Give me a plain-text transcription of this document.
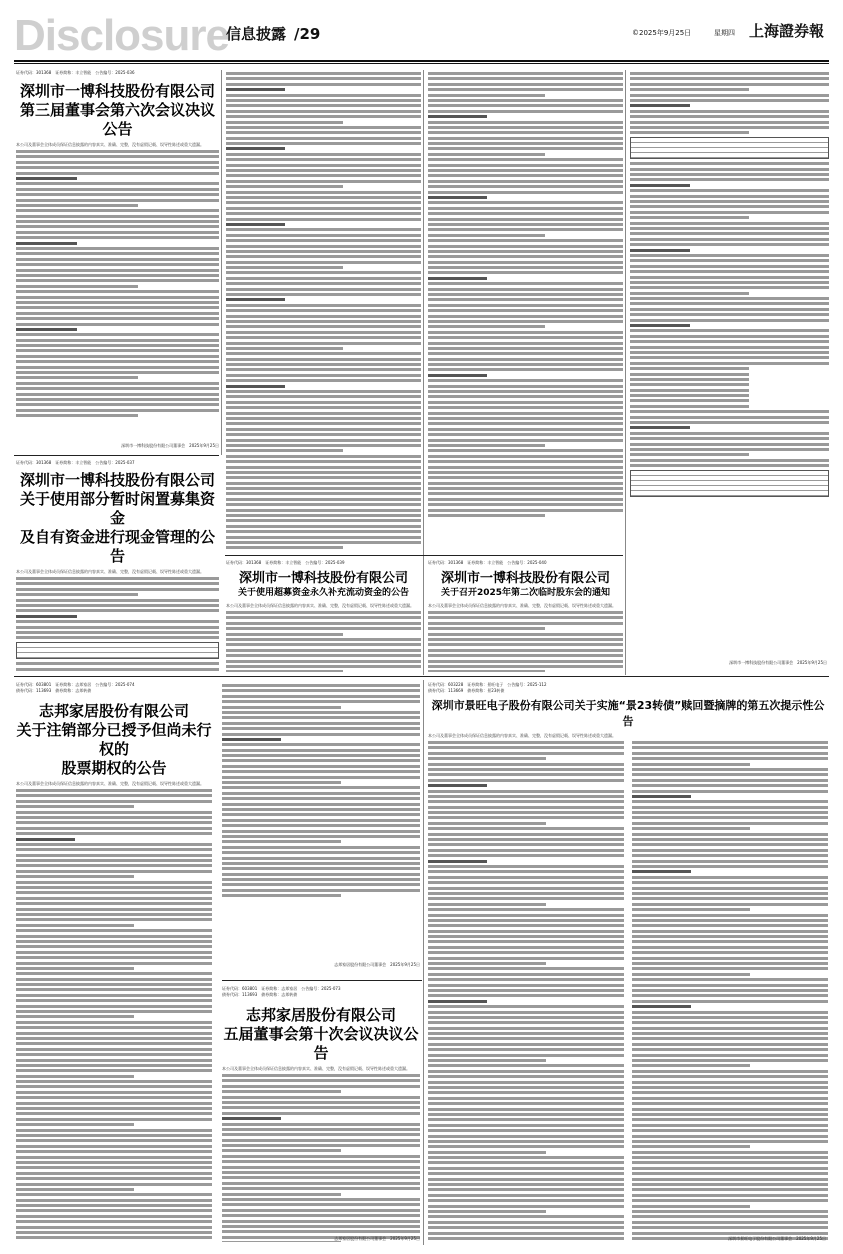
Disclosure
信息披露 /29	©2025年9月25日	星期四 上海證券報
证券代码：301368　证券简称：丰立智能　公告编号：2025-036
深圳市一博科技股份有限公司
第三届董事会第六次会议决议公告
本公司及董事会全体成员保证信息披露的内容真实、准确、完整，没有虚假记载、误导性陈述或重大遗漏。
深圳市一博科技股份有限公司董事会　2025年9月25日
证券代码：301368　证券简称：丰立智能　公告编号：2025-037
深圳市一博科技股份有限公司
关于使用部分暂时闲置募集资金
及自有资金进行现金管理的公告
本公司及董事会全体成员保证信息披露的内容真实、准确、完整，没有虚假记载、误导性陈述或重大遗漏。
证券代码：301368　证券简称：丰立智能　公告编号：2025-039
深圳市一博科技股份有限公司
关于使用超募资金永久补充流动资金的公告
本公司及董事会全体成员保证信息披露的内容真实、准确、完整，没有虚假记载、误导性陈述或重大遗漏。
证券代码：301368　证券简称：丰立智能　公告编号：2025-040
深圳市一博科技股份有限公司
关于召开2025年第二次临时股东会的通知
本公司及董事会全体成员保证信息披露的内容真实、准确、完整，没有虚假记载、误导性陈述或重大遗漏。
深圳市一博科技股份有限公司董事会　2025年9月25日
证券代码：603801　证券简称：志邦家居　公告编号：2025-074
债券代码：113693　债券简称：志邦转债
志邦家居股份有限公司
关于注销部分已授予但尚未行权的
股票期权的公告
本公司及董事会全体成员保证信息披露的内容真实、准确、完整，没有虚假记载、误导性陈述或重大遗漏。
志邦家居股份有限公司董事会　2025年9月25日
证券代码：603801　证券简称：志邦家居　公告编号：2025-073
债券代码：113693　债券简称：志邦转债
志邦家居股份有限公司
五届董事会第十次会议决议公告
本公司及董事会全体成员保证信息披露的内容真实、准确、完整，没有虚假记载、误导性陈述或重大遗漏。
志邦家居股份有限公司董事会　2025年9月25日
证券代码：603228　证券简称：景旺电子　公告编号：2025-112
债券代码：113669　债券简称：景23转债
深圳市景旺电子股份有限公司关于实施“景23转债”赎回暨摘牌的第五次提示性公告
本公司及董事会全体成员保证信息披露的内容真实、准确、完整，没有虚假记载、误导性陈述或重大遗漏。
深圳市景旺电子股份有限公司董事会　2025年9月25日
